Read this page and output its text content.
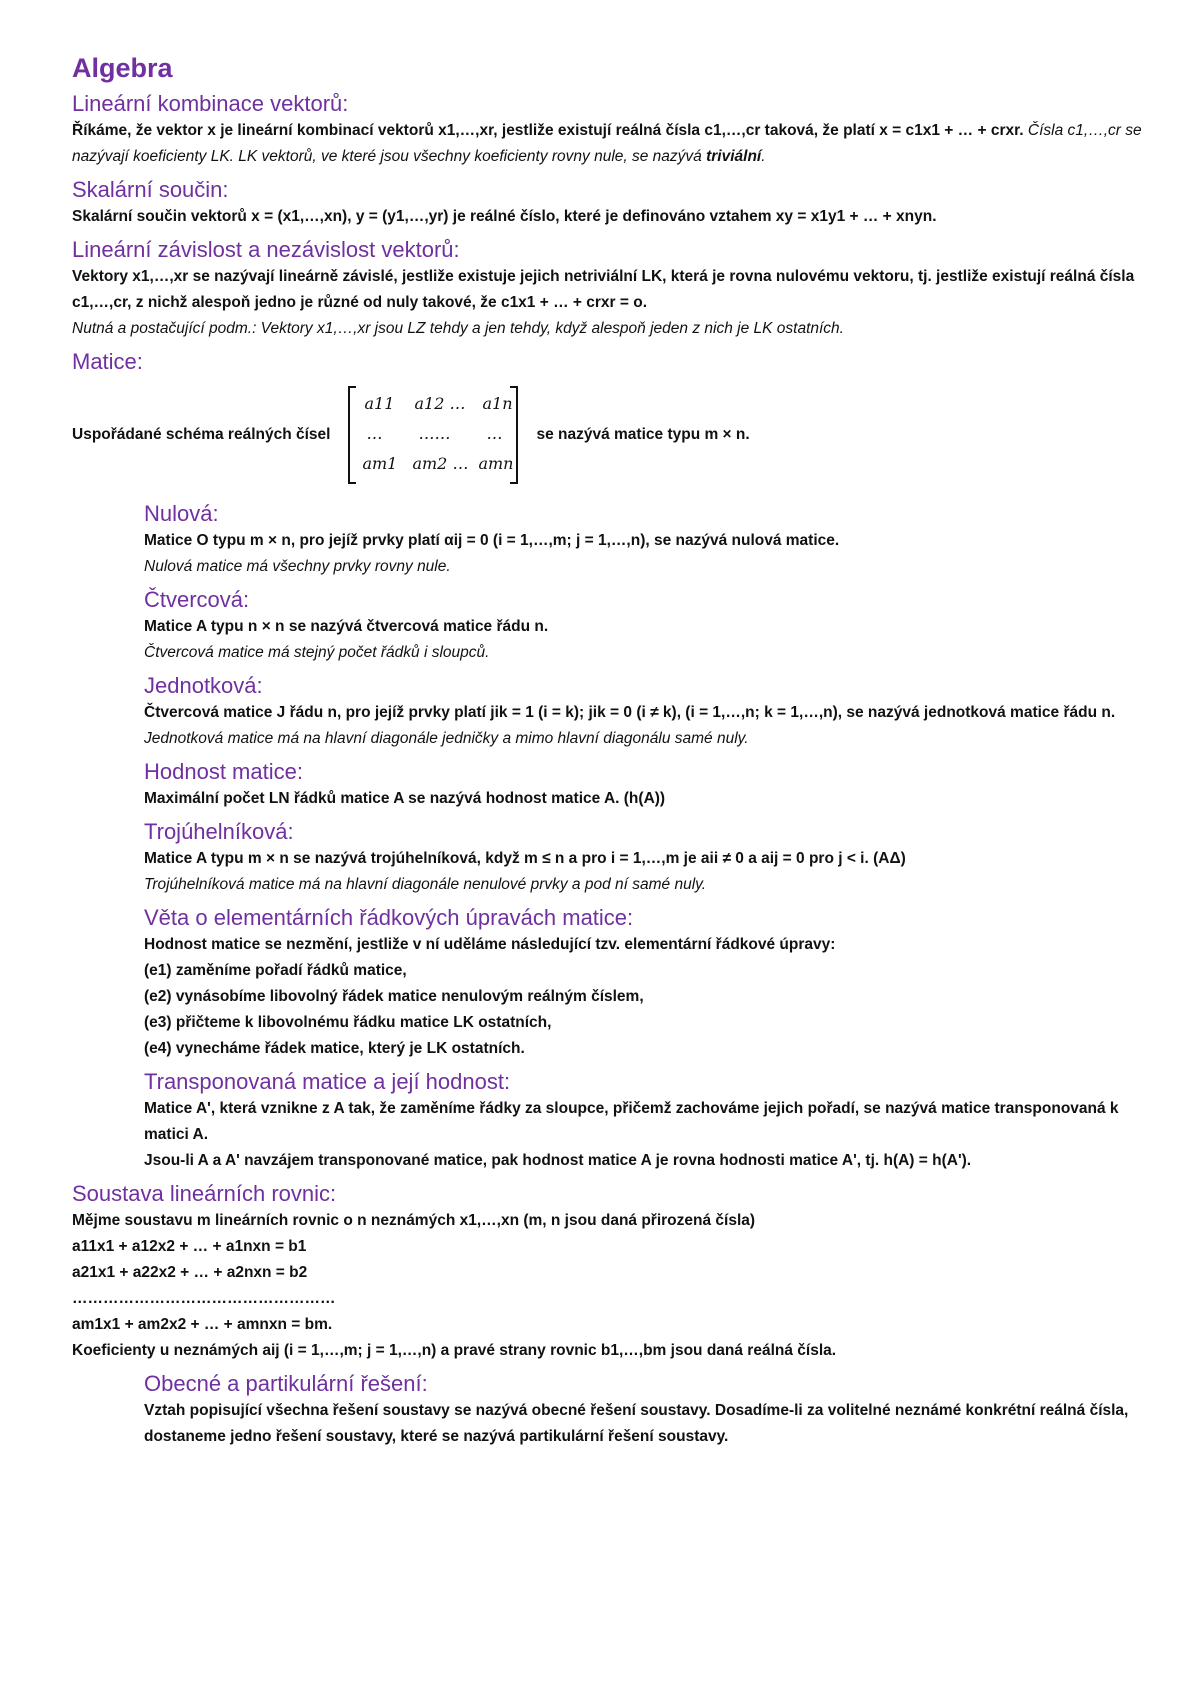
Algebra
Lineární kombinace vektorů:
Říkáme, že vektor x je lineární kombinací vektorů x1,…,xr, jestliže existují reálná čísla c1,…,cr taková, že platí x = c1x1 + … + crxr. Čísla c1,…,cr se nazývají koeficienty LK. LK vektorů, ve které jsou všechny koeficienty rovny nule, se nazývá triviální.
Skalární součin:
Skalární součin vektorů x = (x1,…,xn), y = (y1,…,yr) je reálné číslo, které je definováno vztahem xy = x1y1 + … + xnyn.
Lineární závislost a nezávislost vektorů:
Vektory x1,…,xr se nazývají lineárně závislé, jestliže existuje jejich netriviální LK, která je rovna nulovému vektoru, tj. jestliže existují reálná čísla c1,…,cr, z nichž alespoň jedno je různé od nuly takové, že c1x1 + … + crxr = o.
Nutná a postačující podm.: Vektory x1,…,xr jsou LZ tehdy a jen tehdy, když alespoň jeden z nich je LK ostatních.
Matice:
Uspořádané schéma reálných čísel
a11 a12 … a1n
… …… …
am1 am2 … amn
se nazývá matice typu m × n.
Nulová:
Matice O typu m × n, pro jejíž prvky platí αij = 0 (i = 1,…,m; j = 1,…,n), se nazývá nulová matice.
Nulová matice má všechny prvky rovny nule.
Čtvercová:
Matice A typu n × n se nazývá čtvercová matice řádu n.
Čtvercová matice má stejný počet řádků i sloupců.
Jednotková:
Čtvercová matice J řádu n, pro jejíž prvky platí jik = 1 (i = k); jik = 0 (i ≠ k), (i = 1,…,n; k = 1,…,n), se nazývá jednotková matice řádu n.
Jednotková matice má na hlavní diagonále jedničky a mimo hlavní diagonálu samé nuly.
Hodnost matice:
Maximální počet LN řádků matice A se nazývá hodnost matice A. (h(A))
Trojúhelníková:
Matice A typu m × n se nazývá trojúhelníková, když m ≤ n a pro i = 1,…,m je aii ≠ 0 a aij = 0 pro j < i. (AΔ)
Trojúhelníková matice má na hlavní diagonále nenulové prvky a pod ní samé nuly.
Věta o elementárních řádkových úpravách matice:
Hodnost matice se nezmění, jestliže v ní uděláme následující tzv. elementární řádkové úpravy:
(e1) zaměníme pořadí řádků matice,
(e2) vynásobíme libovolný řádek matice nenulovým reálným číslem,
(e3) přičteme k libovolnému řádku matice LK ostatních,
(e4) vynecháme řádek matice, který je LK ostatních.
Transponovaná matice a její hodnost:
Matice A', která vznikne z A tak, že zaměníme řádky za sloupce, přičemž zachováme jejich pořadí, se nazývá matice transponovaná k matici A.
Jsou-li A a A' navzájem transponované matice, pak hodnost matice A je rovna hodnosti matice A', tj. h(A) = h(A').
Soustava lineárních rovnic:
Mějme soustavu m lineárních rovnic o n neznámých x1,…,xn (m, n jsou daná přirozená čísla)
a11x1 + a12x2 + … + a1nxn = b1
a21x1 + a22x2 + … + a2nxn = b2
……………………………………………
am1x1 + am2x2 + … + amnxn = bm.
Koeficienty u neznámých aij (i = 1,…,m; j = 1,…,n) a pravé strany rovnic b1,…,bm jsou daná reálná čísla.
Obecné a partikulární řešení:
Vztah popisující všechna řešení soustavy se nazývá obecné řešení soustavy. Dosadíme-li za volitelné neznámé konkrétní reálná čísla, dostaneme jedno řešení soustavy, které se nazývá partikulární řešení soustavy.
